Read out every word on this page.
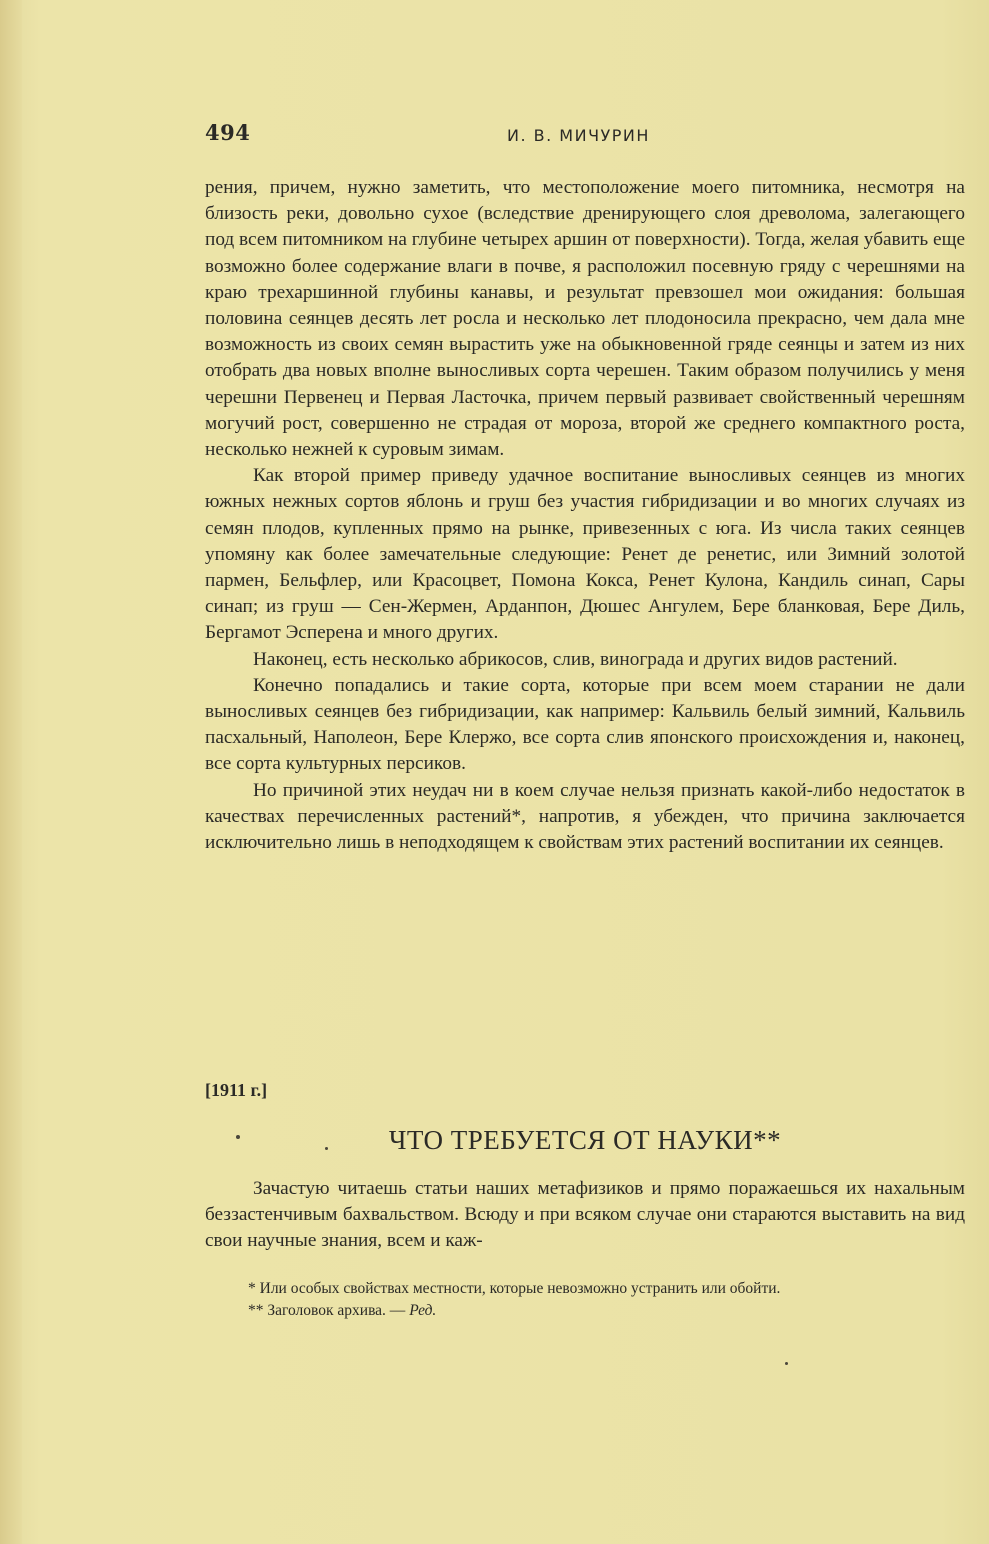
494	И. В. МИЧУРИН

рения, причем, нужно заметить, что местоположение моего питомника, несмотря на близость реки, довольно сухое (вследствие дренирующего слоя древолома, залегающего под всем питомником на глубине четырех аршин от поверхности). Тогда, желая убавить еще возможно более содержание влаги в почве, я расположил посевную гряду с черешнями на краю трехаршинной глубины канавы, и результат превзошел мои ожидания: большая половина сеянцев десять лет росла и несколько лет плодоносила прекрасно, чем дала мне возможность из своих семян вырастить уже на обыкновенной гряде сеянцы и затем из них отобрать два новых вполне выносливых сорта черешен. Таким образом получились у меня черешни Первенец и Первая Ласточка, причем первый развивает свойственный черешням могучий рост, совершенно не страдая от мороза, второй же среднего компактного роста, несколько нежней к суровым зимам.

Как второй пример приведу удачное воспитание выносливых сеянцев из многих южных нежных сортов яблонь и груш без участия гибридизации и во многих случаях из семян плодов, купленных прямо на рынке, привезенных с юга. Из числа таких сеянцев упомяну как более замечательные следующие: Ренет де ренетис, или Зимний золотой пармен, Бельфлер, или Красоцвет, Помона Кокса, Ренет Кулона, Кандиль синап, Сары синап; из груш — Сен-Жермен, Арданпон, Дюшес Ангулем, Бере бланковая, Бере Диль, Бергамот Эсперена и много других.

Наконец, есть несколько абрикосов, слив, винограда и других видов растений.

Конечно попадались и такие сорта, которые при всем моем старании не дали выносливых сеянцев без гибридизации, как например: Кальвиль белый зимний, Кальвиль пасхальный, Наполеон, Бере Клержо, все сорта слив японского происхождения и, наконец, все сорта культурных персиков.

Но причиной этих неудач ни в коем случае нельзя признать какой-либо недостаток в качествах перечисленных растений*, напротив, я убежден, что причина заключается исключительно лишь в неподходящем к свойствам этих растений воспитании их сеянцев.

[1911 г.]
ЧТО ТРЕБУЕТСЯ ОТ НАУКИ**

Зачастую читаешь статьи наших метафизиков и прямо поражаешься их нахальным беззастенчивым бахвальством. Всюду и при всяком случае они стараются выставить на вид свои научные знания, всем и каж-

* Или особых свойствах местности, которые невозможно устранить или обойти.

** Заголовок архива. — Ред.
